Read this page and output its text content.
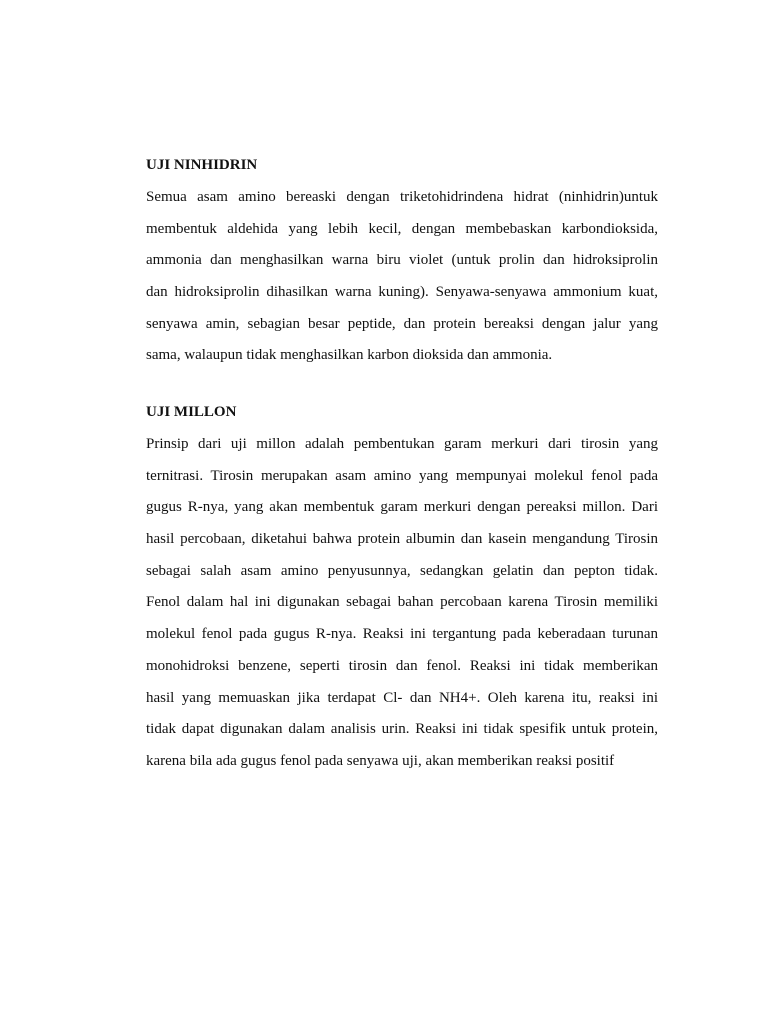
UJI NINHIDRIN
Semua asam amino bereaski dengan triketohidrindena hidrat (ninhidrin)untuk
membentuk aldehida yang lebih kecil, dengan membebaskan karbondioksida,
ammonia dan menghasilkan warna biru violet (untuk prolin dan hidroksiprolin
dan hidroksiprolin dihasilkan warna kuning). Senyawa-senyawa ammonium kuat,
senyawa amin, sebagian besar peptide, dan protein bereaksi dengan jalur yang
sama, walaupun tidak menghasilkan karbon dioksida dan ammonia.
UJI MILLON
Prinsip dari uji millon adalah pembentukan garam merkuri dari tirosin yang
ternitrasi. Tirosin merupakan asam amino yang mempunyai molekul fenol pada
gugus R-nya, yang akan membentuk garam merkuri dengan pereaksi millon. Dari
hasil percobaan, diketahui bahwa protein albumin dan kasein mengandung Tirosin
sebagai salah asam amino penyusunnya, sedangkan gelatin dan pepton tidak.
Fenol dalam hal ini digunakan sebagai bahan percobaan karena Tirosin memiliki
molekul fenol pada gugus R-nya. Reaksi ini tergantung pada keberadaan turunan
monohidroksi benzene, seperti tirosin dan fenol. Reaksi ini tidak memberikan
hasil yang memuaskan jika terdapat Cl- dan NH4+. Oleh karena itu, reaksi ini
tidak dapat digunakan dalam analisis urin. Reaksi ini tidak spesifik untuk protein,
karena bila ada gugus fenol pada senyawa uji, akan memberikan reaksi positif
